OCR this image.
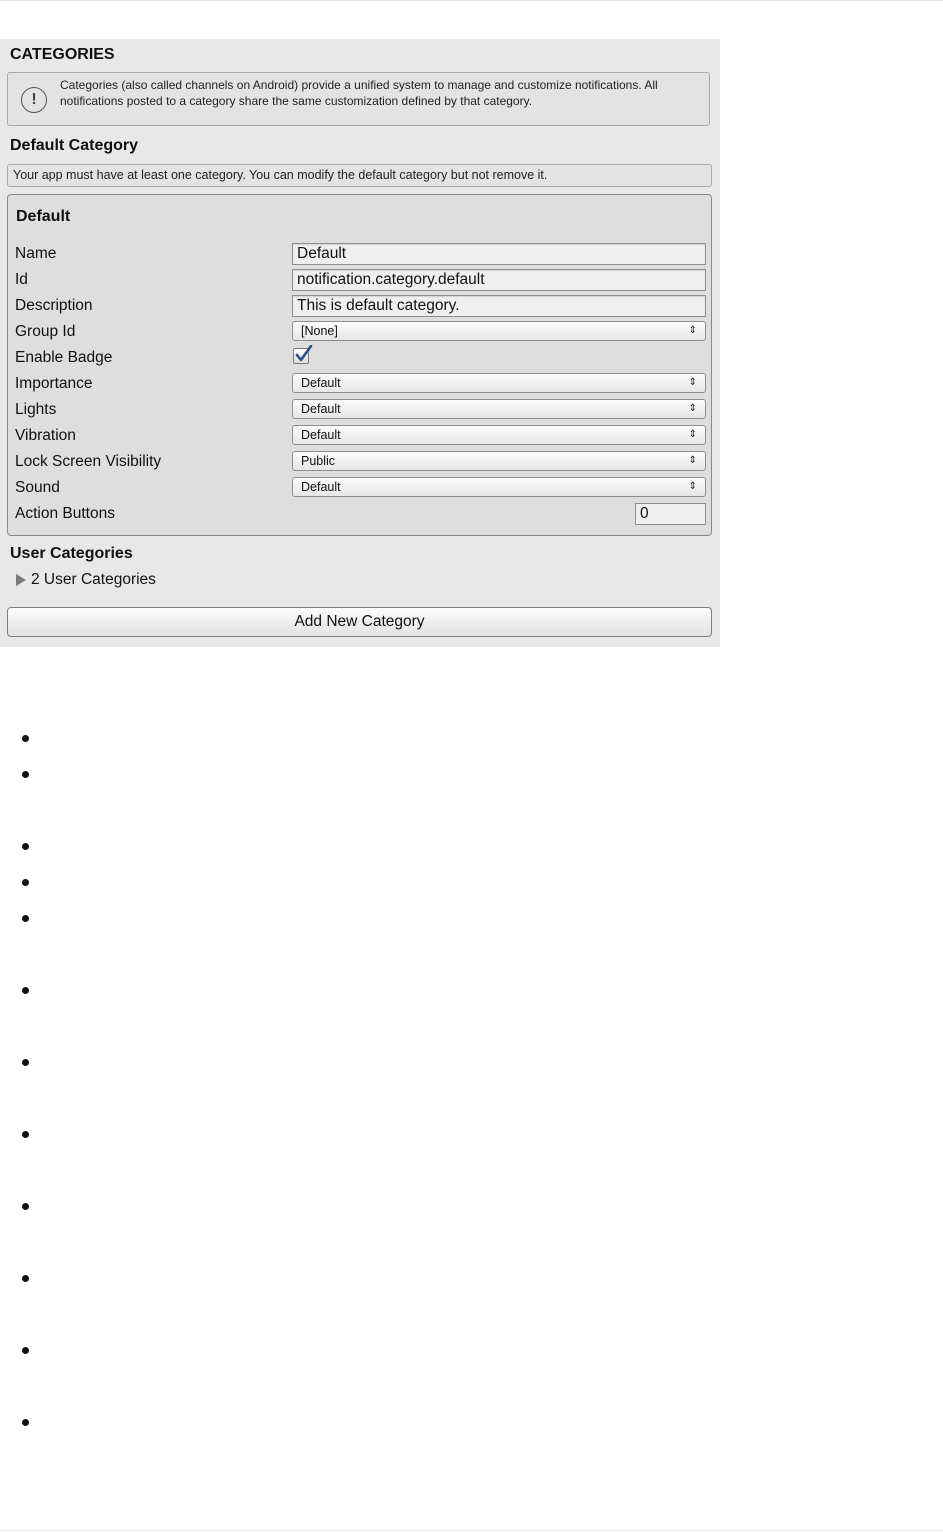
CATEGORIES
!
Categories (also called channels on Android) provide a unified system to manage and customize notifications. All notifications posted to a category share the same customization defined by that category.
Default Category
Your app must have at least one category. You can modify the default category but not remove it.
Default
Name	Default
Id	notification.category.default
Description	This is default category.
Group Id	[None]	⇕
Enable Badge
Importance	Default	⇕
Lights	Default	⇕
Vibration	Default	⇕
Lock Screen Visibility	Public	⇕
Sound	Default	⇕
Action Buttons	0
User Categories
2 User Categories
Add New Category
